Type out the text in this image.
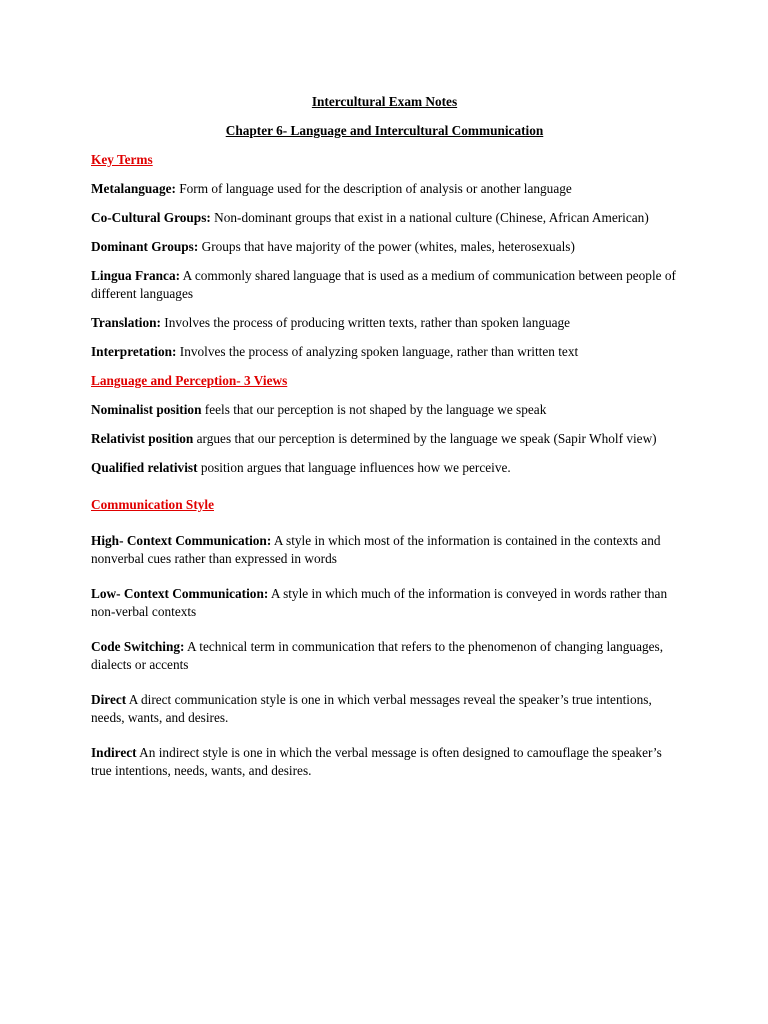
Intercultural Exam Notes

Chapter 6- Language and Intercultural Communication

Key Terms

Metalanguage: Form of language used for the description of analysis or another language

Co-Cultural Groups: Non-dominant groups that exist in a national culture (Chinese, African American)

Dominant Groups: Groups that have majority of the power (whites, males, heterosexuals)

Lingua Franca: A commonly shared language that is used as a medium of communication between people of different languages

Translation: Involves the process of producing written texts, rather than spoken language

Interpretation: Involves the process of analyzing spoken language, rather than written text

Language and Perception- 3 Views

Nominalist position feels that our perception is not shaped by the language we speak

Relativist position argues that our perception is determined by the language we speak (Sapir Wholf view)

Qualified relativist position argues that language influences how we perceive.

Communication Style

High- Context Communication: A style in which most of the information is contained in the contexts and nonverbal cues rather than expressed in words

Low- Context Communication: A style in which much of the information is conveyed in words rather than non-verbal contexts

Code Switching: A technical term in communication that refers to the phenomenon of changing languages, dialects or accents

Direct A direct communication style is one in which verbal messages reveal the speaker’s true intentions, needs, wants, and desires.

Indirect An indirect style is one in which the verbal message is often designed to camouflage the speaker’s true intentions, needs, wants, and desires.
